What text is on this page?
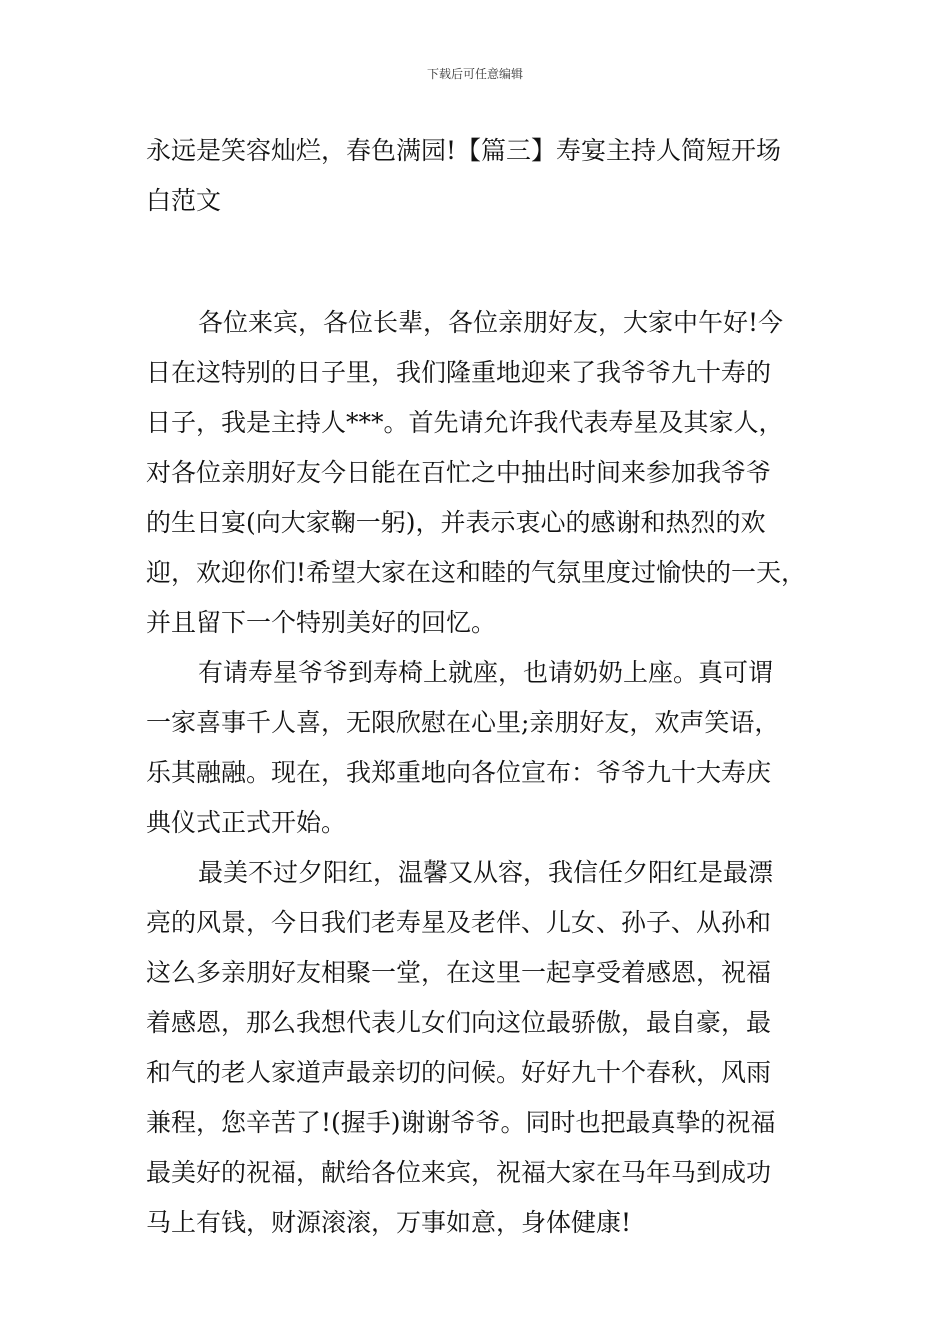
下载后可任意编辑
永远是笑容灿烂，春色满园!【篇三】寿宴主持人简短开场
白范文
各位来宾，各位长辈，各位亲朋好友，大家中午好!今
日在这特别的日子里，我们隆重地迎来了我爷爷九十寿的
日子，我是主持人***。首先请允许我代表寿星及其家人，
对各位亲朋好友今日能在百忙之中抽出时间来参加我爷爷
的生日宴(向大家鞠一躬)，并表示衷心的感谢和热烈的欢
迎，欢迎你们!希望大家在这和睦的气氛里度过愉快的一天，
并且留下一个特别美好的回忆。
有请寿星爷爷到寿椅上就座，也请奶奶上座。真可谓
一家喜事千人喜，无限欣慰在心里;亲朋好友，欢声笑语，
乐其融融。现在，我郑重地向各位宣布：爷爷九十大寿庆
典仪式正式开始。
最美不过夕阳红，温馨又从容，我信任夕阳红是最漂
亮的风景，今日我们老寿星及老伴、儿女、孙子、从孙和
这么多亲朋好友相聚一堂，在这里一起享受着感恩，祝福
着感恩，那么我想代表儿女们向这位最骄傲，最自豪，最
和气的老人家道声最亲切的问候。好好九十个春秋，风雨
兼程，您辛苦了!(握手)谢谢爷爷。同时也把最真挚的祝福
最美好的祝福，献给各位来宾，祝福大家在马年马到成功
马上有钱，财源滚滚，万事如意，身体健康!
